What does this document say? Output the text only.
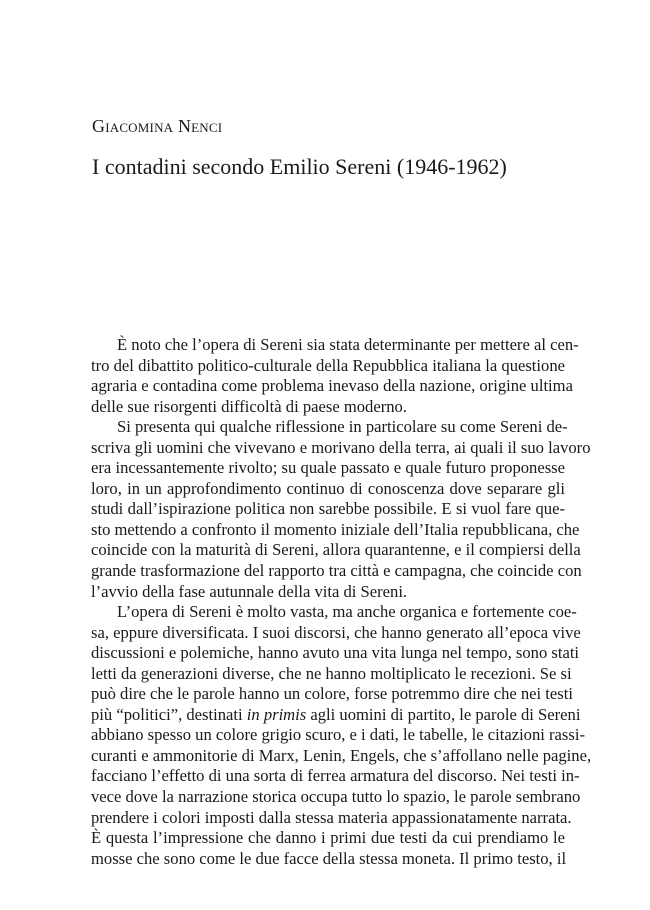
Giacomina Nenci
I contadini secondo Emilio Sereni (1946-1962)
È noto che l’opera di Sereni sia stata determinante per mettere al cen-
tro del dibattito politico-culturale della Repubblica italiana la questione
agraria e contadina come problema inevaso della nazione, origine ultima
delle sue risorgenti difficoltà di paese moderno.
Si presenta qui qualche riflessione in particolare su come Sereni de-
scriva gli uomini che vivevano e morivano della terra, ai quali il suo lavoro
era incessantemente rivolto; su quale passato e quale futuro proponesse
loro, in un approfondimento continuo di conoscenza dove separare gli
studi dall’ispirazione politica non sarebbe possibile. E si vuol fare que-
sto mettendo a confronto il momento iniziale dell’Italia repubblicana, che
coincide con la maturità di Sereni, allora quarantenne, e il compiersi della
grande trasformazione del rapporto tra città e campagna, che coincide con
l’avvio della fase autunnale della vita di Sereni.
L’opera di Sereni è molto vasta, ma anche organica e fortemente coe-
sa, eppure diversificata. I suoi discorsi, che hanno generato all’epoca vive
discussioni e polemiche, hanno avuto una vita lunga nel tempo, sono stati
letti da generazioni diverse, che ne hanno moltiplicato le recezioni. Se si
può dire che le parole hanno un colore, forse potremmo dire che nei testi
più “politici”, destinati in primis agli uomini di partito, le parole di Sereni
abbiano spesso un colore grigio scuro, e i dati, le tabelle, le citazioni rassi-
curanti e ammonitorie di Marx, Lenin, Engels, che s’affollano nelle pagine,
facciano l’effetto di una sorta di ferrea armatura del discorso. Nei testi in-
vece dove la narrazione storica occupa tutto lo spazio, le parole sembrano
prendere i colori imposti dalla stessa materia appassionatamente narrata.
È questa l’impressione che danno i primi due testi da cui prendiamo le
mosse che sono come le due facce della stessa moneta. Il primo testo, il
